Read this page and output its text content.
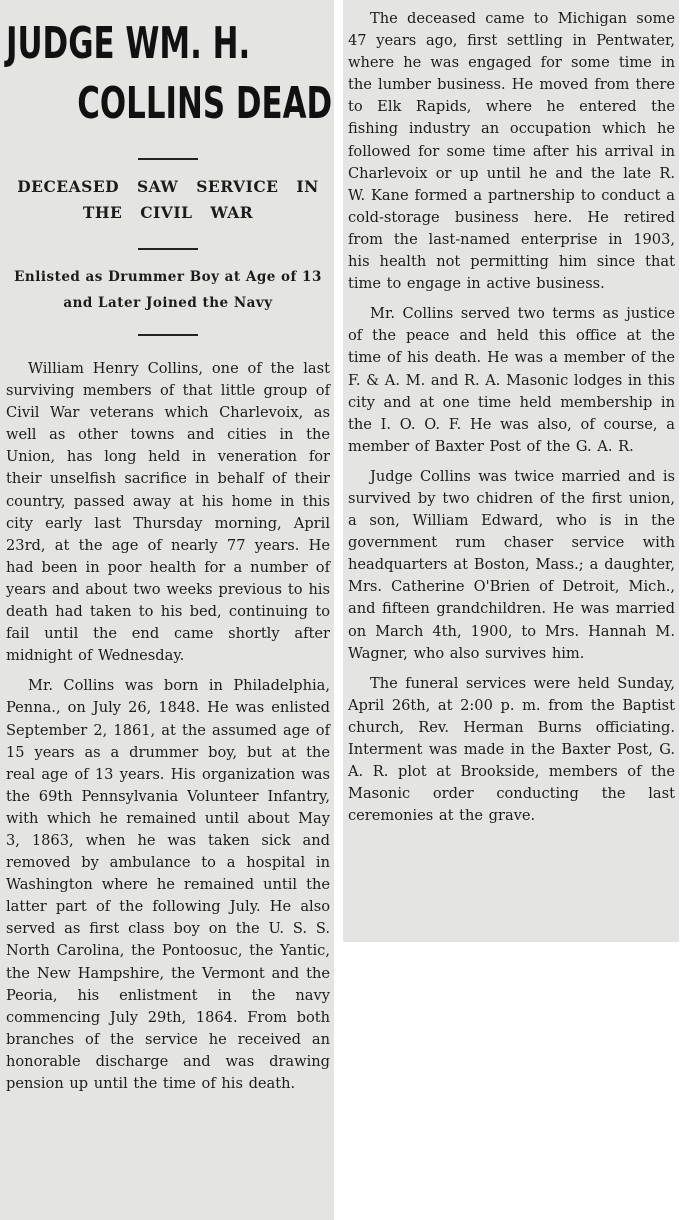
JUDGE WM. H.
COLLINS DEAD

DECEASED SAW SERVICE IN THE CIVIL WAR

Enlisted as Drummer Boy at Age of 13 and Later Joined the Navy

William Henry Collins, one of the last surviving members of that little group of Civil War veterans which Charlevoix, as well as other towns and cities in the Union, has long held in veneration for their unselfish sacrifice in behalf of their country, passed away at his home in this city early last Thursday morning, April 23rd, at the age of nearly 77 years. He had been in poor health for a number of years and about two weeks previous to his death had taken to his bed, continuing to fail until the end came shortly after midnight of Wednesday.

Mr. Collins was born in Philadelphia, Penna., on July 26, 1848. He was enlisted September 2, 1861, at the assumed age of 15 years as a drummer boy, but at the real age of 13 years. His organization was the 69th Pennsylvania Volunteer Infantry, with which he remained until about May 3, 1863, when he was taken sick and removed by ambulance to a hospital in Washington where he remained until the latter part of the following July. He also served as first class boy on the U. S. S. North Carolina, the Pontoosuc, the Yantic, the New Hampshire, the Vermont and the Peoria, his enlistment in the navy commencing July 29th, 1864. From both branches of the service he received an honorable discharge and was drawing pension up until the time of his death.

The deceased came to Michigan some 47 years ago, first settling in Pentwater, where he was engaged for some time in the lumber business. He moved from there to Elk Rapids, where he entered the fishing industry an occupation which he followed for some time after his arrival in Charlevoix or up until he and the late R. W. Kane formed a partnership to conduct a cold-storage business here. He retired from the last-named enterprise in 1903, his health not permitting him since that time to engage in active business.

Mr. Collins served two terms as justice of the peace and held this office at the time of his death. He was a member of the F. & A. M. and R. A. Masonic lodges in this city and at one time held membership in the I. O. O. F. He was also, of course, a member of Baxter Post of the G. A. R.

Judge Collins was twice married and is survived by two chidren of the first union, a son, William Edward, who is in the government rum chaser service with headquarters at Boston, Mass.; a daughter, Mrs. Catherine O'Brien of Detroit, Mich., and fifteen grandchildren. He was married on March 4th, 1900, to Mrs. Hannah M. Wagner, who also survives him.

The funeral services were held Sunday, April 26th, at 2:00 p. m. from the Baptist church, Rev. Herman Burns officiating. Interment was made in the Baxter Post, G. A. R. plot at Brookside, members of the Masonic order conducting the last ceremonies at the grave.
